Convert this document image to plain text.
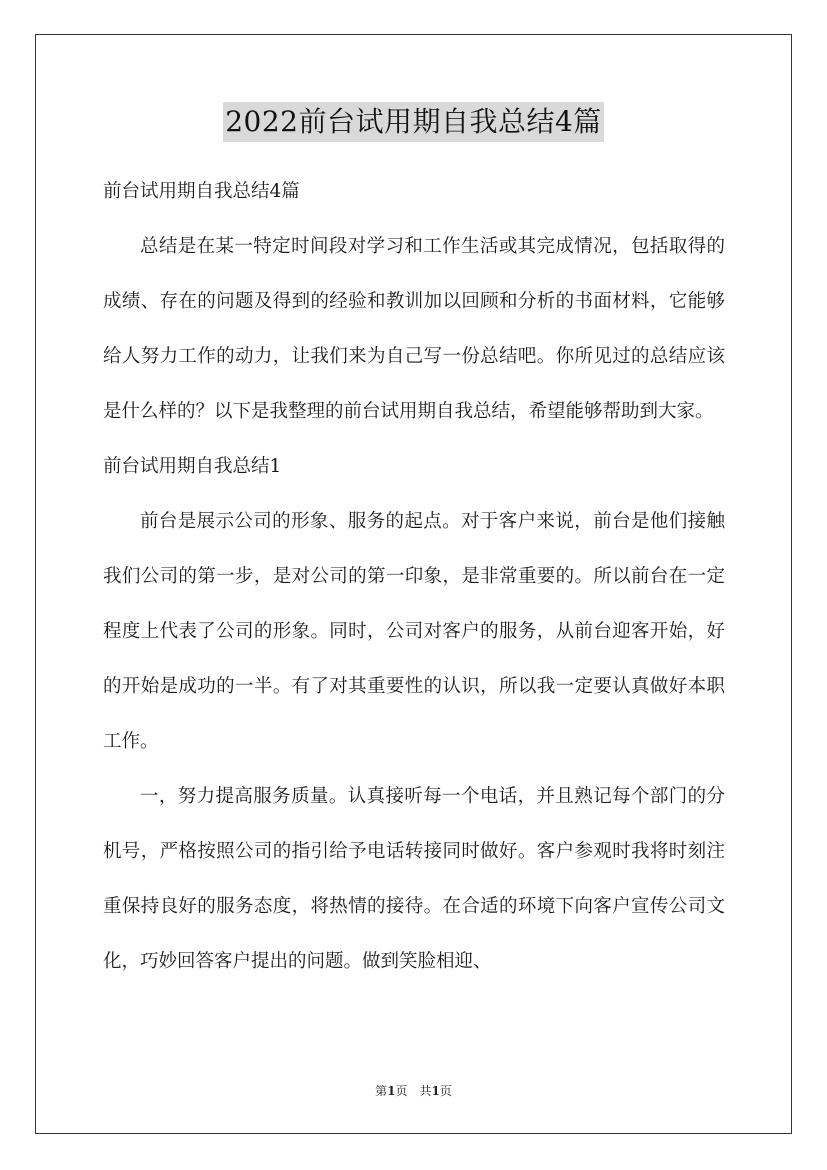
2022前台试用期自我总结4篇

前台试用期自我总结4篇

总结是在某一特定时间段对学习和工作生活或其完成情况，包括取得的成绩、存在的问题及得到的经验和教训加以回顾和分析的书面材料，它能够给人努力工作的动力，让我们来为自己写一份总结吧。你所见过的总结应该是什么样的？以下是我整理的前台试用期自我总结，希望能够帮助到大家。

前台试用期自我总结1

前台是展示公司的形象、服务的起点。对于客户来说，前台是他们接触我们公司的第一步，是对公司的第一印象，是非常重要的。所以前台在一定程度上代表了公司的形象。同时，公司对客户的服务，从前台迎客开始，好的开始是成功的一半。有了对其重要性的认识，所以我一定要认真做好本职工作。

一，努力提高服务质量。认真接听每一个电话，并且熟记每个部门的分机号，严格按照公司的指引给予电话转接同时做好。客户参观时我将时刻注重保持良好的服务态度，将热情的接待。在合适的环境下向客户宣传公司文化，巧妙回答客户提出的问题。做到笑脸相迎、

第1页 共1页
